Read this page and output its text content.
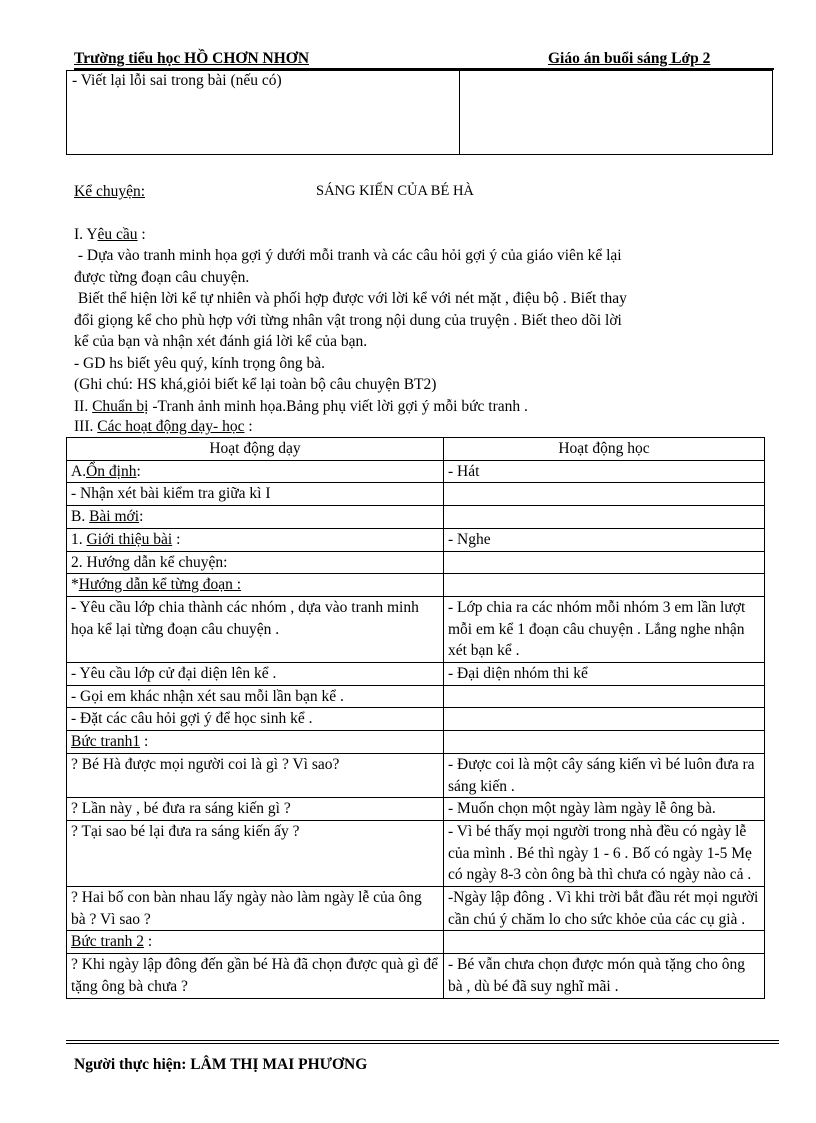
Trường tiểu học HỒ CHƠN NHƠN	Giáo án buổi sáng Lớp 2
- Viết lại lỗi sai trong bài (nếu có)
Kể chuyện:	SÁNG KIẾN CỦA BÉ HÀ
I. Yêu cầu :
- Dựa vào tranh minh họa gợi ý dưới mỗi tranh và các câu hỏi gợi ý của giáo viên kể lại
được từng đoạn câu chuyện.
Biết thể hiện lời kể tự nhiên và phối hợp được với lời kể với nét mặt , điệu bộ . Biết thay
đổi giọng kể cho phù hợp với từng nhân vật trong nội dung của truyện . Biết theo dõi lời
kể của bạn và nhận xét đánh giá lời kể của bạn.
- GD hs biết yêu quý, kính trọng ông bà.
(Ghi chú: HS khá,giỏi biết kể lại toàn bộ câu chuyện BT2)
II. Chuẩn bị -Tranh ảnh minh họa.Bảng phụ viết lời gợi ý mỗi bức tranh .
III. Các hoạt động dạy- học :
Hoạt động dạy	Hoạt động học
A.Ổn định:	- Hát
- Nhận xét bài kiểm tra giữa kì I	
B. Bài mới:	
1. Giới thiệu bài :	- Nghe
2. Hướng dẫn kể chuyện:	
*Hướng dẫn kể từng đoạn :	
- Yêu cầu lớp chia thành các nhóm , dựa vào tranh minh họa kể lại từng đoạn câu chuyện .	- Lớp chia ra các nhóm mỗi nhóm 3 em lần lượt mỗi em kể 1 đoạn câu chuyện . Lắng nghe nhận xét bạn kể .
- Yêu cầu lớp cử đại diện lên kể .	- Đại diện nhóm thi kể
- Gọi em khác nhận xét sau mỗi lần bạn kể .	
- Đặt các câu hỏi gợi ý để học sinh kể .	
Bức tranh1 :	
? Bé Hà được mọi người coi là gì ? Vì sao?	- Được coi là một cây sáng kiến vì bé luôn đưa ra sáng kiến .
? Lần này , bé đưa ra sáng kiến gì ?	- Muốn chọn một ngày làm ngày lễ ông bà.
? Tại sao bé lại đưa ra sáng kiến ấy ?	- Vì bé thấy mọi người trong nhà đều có ngày lễ của mình . Bé thì ngày 1 - 6 . Bố có ngày 1-5 Mẹ có ngày 8-3 còn ông bà thì chưa có ngày nào cả .
? Hai bố con bàn nhau lấy ngày nào làm ngày lễ của ông bà ? Vì sao ?	-Ngày lập đông . Vì khi trời bắt đầu rét mọi người cần chú ý chăm lo cho sức khỏe của các cụ già .
Bức tranh 2 :	
? Khi ngày lập đông đến gần bé Hà đã chọn được quà gì để tặng ông bà chưa ?	- Bé vẫn chưa chọn được món quà tặng cho ông bà , dù bé đã suy nghĩ mãi .
Người thực hiện: LÂM THỊ MAI PHƯƠNG
